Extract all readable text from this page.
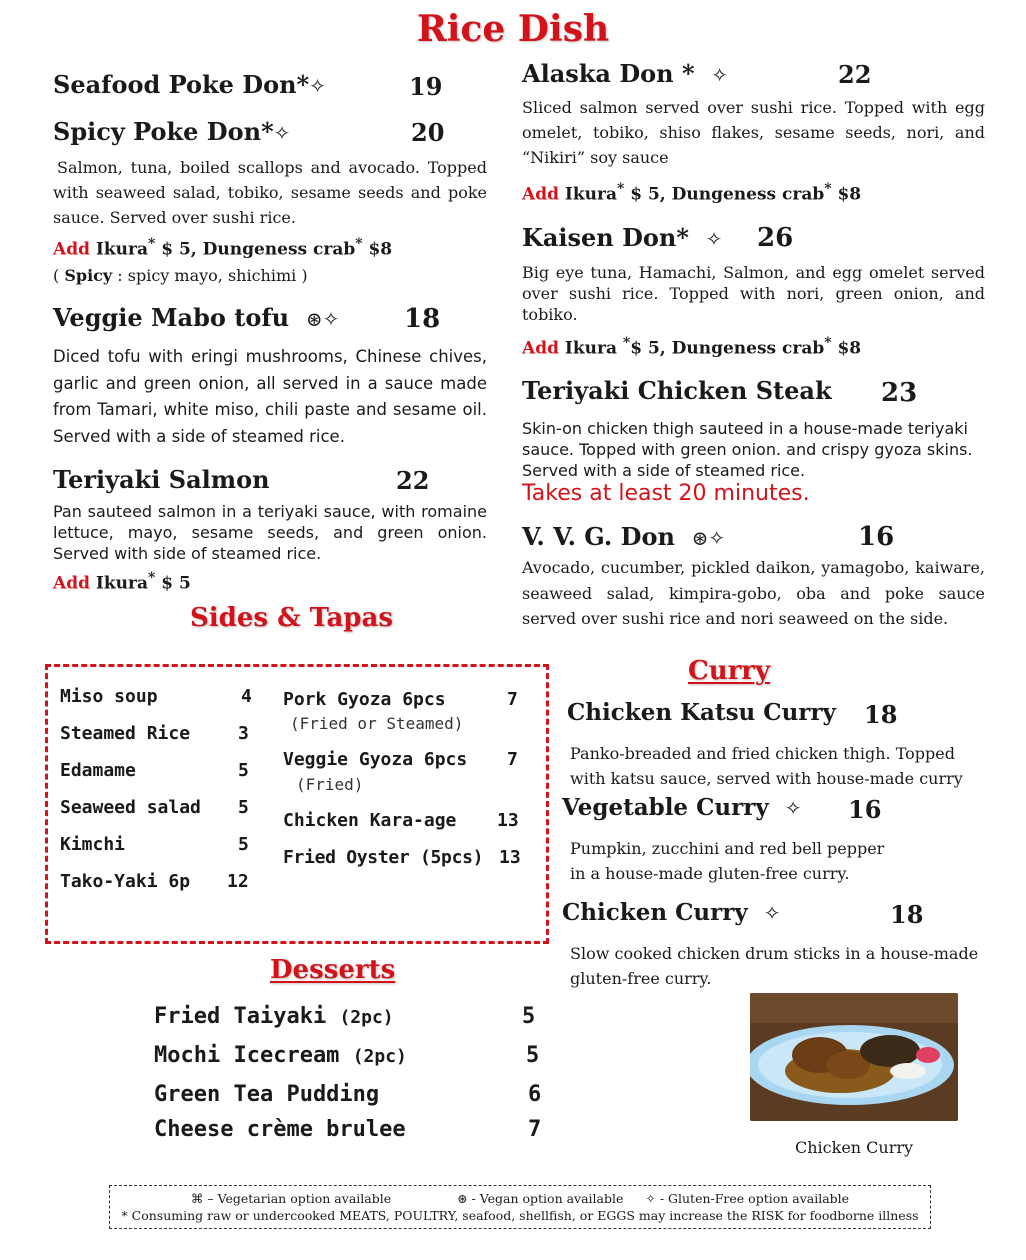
Rice Dish
Seafood Poke Don*✧	19
Spicy Poke Don*✧	20
Salmon, tuna, boiled scallops and avocado. Topped with seaweed salad, tobiko, sesame seeds and poke sauce. Served over sushi rice.
Add Ikura* $ 5, Dungeness crab* $8
( Spicy : spicy mayo, shichimi )
Veggie Mabo tofu ⊛✧ 18
Diced tofu with eringi mushrooms, Chinese chives, garlic and green onion, all served in a sauce made from Tamari, white miso, chili paste and sesame oil. Served with a side of steamed rice.
Teriyaki Salmon	22
Pan sauteed salmon in a teriyaki sauce, with romaine lettuce, mayo, sesame seeds, and green onion. Served with side of steamed rice.
Add Ikura* $ 5
Sides & Tapas
Alaska Don * ✧	22
Sliced salmon served over sushi rice. Topped with egg omelet, tobiko, shiso flakes, sesame seeds, nori, and “Nikiri” soy sauce
Add Ikura* $ 5, Dungeness crab* $8
Kaisen Don* ✧ 26
Big eye tuna, Hamachi, Salmon, and egg omelet served over sushi rice. Topped with nori, green onion, and tobiko.
Add Ikura *$ 5, Dungeness crab* $8
Teriyaki Chicken Steak 23
Skin-on chicken thigh sauteed in a house-made teriyaki sauce. Topped with green onion. and crispy gyoza skins. Served with a side of steamed rice.
Takes at least 20 minutes.
V. V. G. Don ⊛✧	16
Avocado, cucumber, pickled daikon, yamagobo, kaiware, seaweed salad, kimpira-gobo, oba and poke sauce served over sushi rice and nori seaweed on the side.
Miso soup	4
Steamed Rice	3
Edamame	5
Seaweed salad 5
Kimchi	5
Tako-Yaki 6p 12
Pork Gyoza 6pcs	7
(Fried or Steamed)
Veggie Gyoza 6pcs 7
(Fried)
Chicken Kara-age 13
Fried Oyster (5pcs) 13
Desserts
Fried Taiyaki (2pc)	5
Mochi Icecream (2pc)	5
Green Tea Pudding	6
Cheese crème brulee	7
Curry
Chicken Katsu Curry 18
Panko-breaded and fried chicken thigh. Topped with katsu sauce, served with house-made curry
Vegetable Curry ✧ 16
Pumpkin, zucchini and red bell pepper in a house-made gluten-free curry.
Chicken Curry ✧	18
Slow cooked chicken drum sticks in a house-made gluten-free curry.
Chicken Curry
⌘ – Vegetarian option available	⊛ - Vegan option available ✧ - Gluten-Free option available
* Consuming raw or undercooked MEATS, POULTRY, seafood, shellfish, or EGGS may increase the RISK for foodborne illness
